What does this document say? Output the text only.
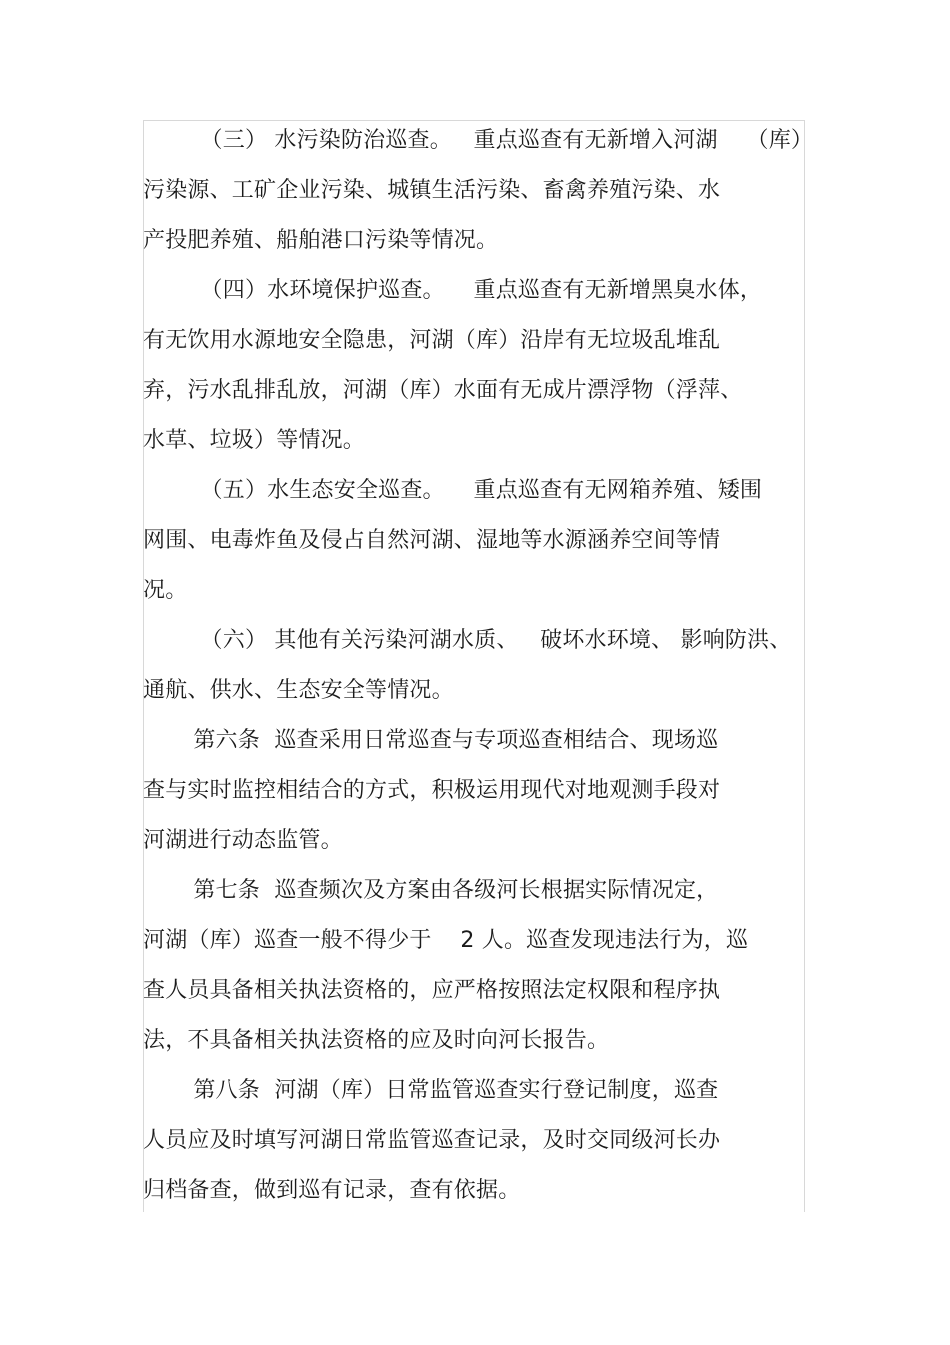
（三） 水污染防治巡查。   重点巡查有无新增入河湖    （库）
污染源、工矿企业污染、城镇生活污染、畜禽养殖污染、水
产投肥养殖、船舶港口污染等情况。
（四）水环境保护巡查。    重点巡查有无新增黑臭水体，
有无饮用水源地安全隐患，河湖（库）沿岸有无垃圾乱堆乱
弃，污水乱排乱放，河湖（库）水面有无成片漂浮物（浮萍、
水草、垃圾）等情况。
（五）水生态安全巡查。    重点巡查有无网箱养殖、矮围
网围、电毒炸鱼及侵占自然河湖、湿地等水源涵养空间等情
况。
（六） 其他有关污染河湖水质、   破坏水环境、 影响防洪、
通航、供水、生态安全等情况。
第六条  巡查采用日常巡查与专项巡查相结合、现场巡
查与实时监控相结合的方式，积极运用现代对地观测手段对
河湖进行动态监管。
第七条  巡查频次及方案由各级河长根据实际情况定，
河湖（库）巡查一般不得少于    2 人。巡查发现违法行为，巡
查人员具备相关执法资格的，应严格按照法定权限和程序执
法，不具备相关执法资格的应及时向河长报告。
第八条  河湖（库）日常监管巡查实行登记制度，巡查
人员应及时填写河湖日常监管巡查记录，及时交同级河长办
归档备查，做到巡有记录，查有依据。
